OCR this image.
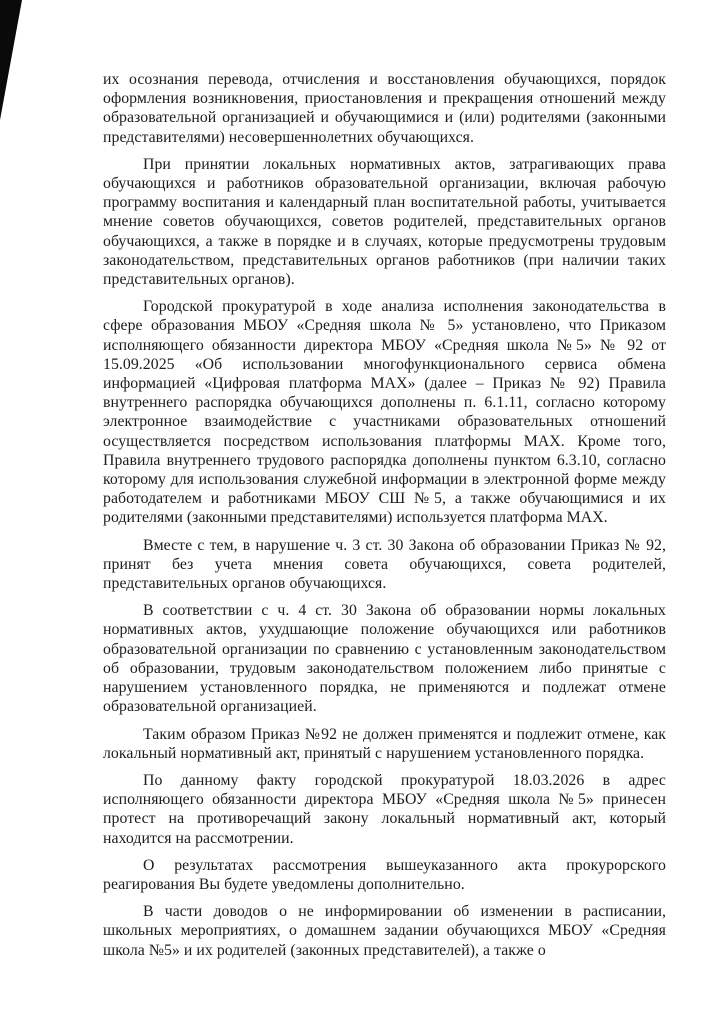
их осознания перевода, отчисления и восстановления обучающихся, порядок оформления возникновения, приостановления и прекращения отношений между образовательной организацией и обучающимися и (или) родителями (законными представителями) несовершеннолетних обучающихся.

При принятии локальных нормативных актов, затрагивающих права обучающихся и работников образовательной организации, включая рабочую программу воспитания и календарный план воспитательной работы, учитывается мнение советов обучающихся, советов родителей, представительных органов обучающихся, а также в порядке и в случаях, которые предусмотрены трудовым законодательством, представительных органов работников (при наличии таких представительных органов).

Городской прокуратурой в ходе анализа исполнения законодательства в сфере образования МБОУ «Средняя школа № 5» установлено, что Приказом исполняющего обязанности директора МБОУ «Средняя школа №5» № 92 от 15.09.2025 «Об использовании многофункционального сервиса обмена информацией «Цифровая платформа МАХ» (далее – Приказ № 92) Правила внутреннего распорядка обучающихся дополнены п. 6.1.11, согласно которому электронное взаимодействие с участниками образовательных отношений осуществляется посредством использования платформы МАХ. Кроме того, Правила внутреннего трудового распорядка дополнены пунктом 6.3.10, согласно которому для использования служебной информации в электронной форме между работодателем и работниками МБОУ СШ №5, а также обучающимися и их родителями (законными представителями) используется платформа МАХ.

Вместе с тем, в нарушение ч. 3 ст. 30 Закона об образовании Приказ № 92, принят без учета мнения совета обучающихся, совета родителей, представительных органов обучающихся.

В соответствии с ч. 4 ст. 30 Закона об образовании нормы локальных нормативных актов, ухудшающие положение обучающихся или работников образовательной организации по сравнению с установленным законодательством об образовании, трудовым законодательством положением либо принятые с нарушением установленного порядка, не применяются и подлежат отмене образовательной организацией.

Таким образом Приказ №92 не должен применятся и подлежит отмене, как локальный нормативный акт, принятый с нарушением установленного порядка.

По данному факту городской прокуратурой 18.03.2026 в адрес исполняющего обязанности директора МБОУ «Средняя школа №5» принесен протест на противоречащий закону локальный нормативный акт, который находится на рассмотрении.

О результатах рассмотрения вышеуказанного акта прокурорского реагирования Вы будете уведомлены дополнительно.

В части доводов о не информировании об изменении в расписании, школьных мероприятиях, о домашнем задании обучающихся МБОУ «Средняя школа №5» и их родителей (законных представителей), а также о
